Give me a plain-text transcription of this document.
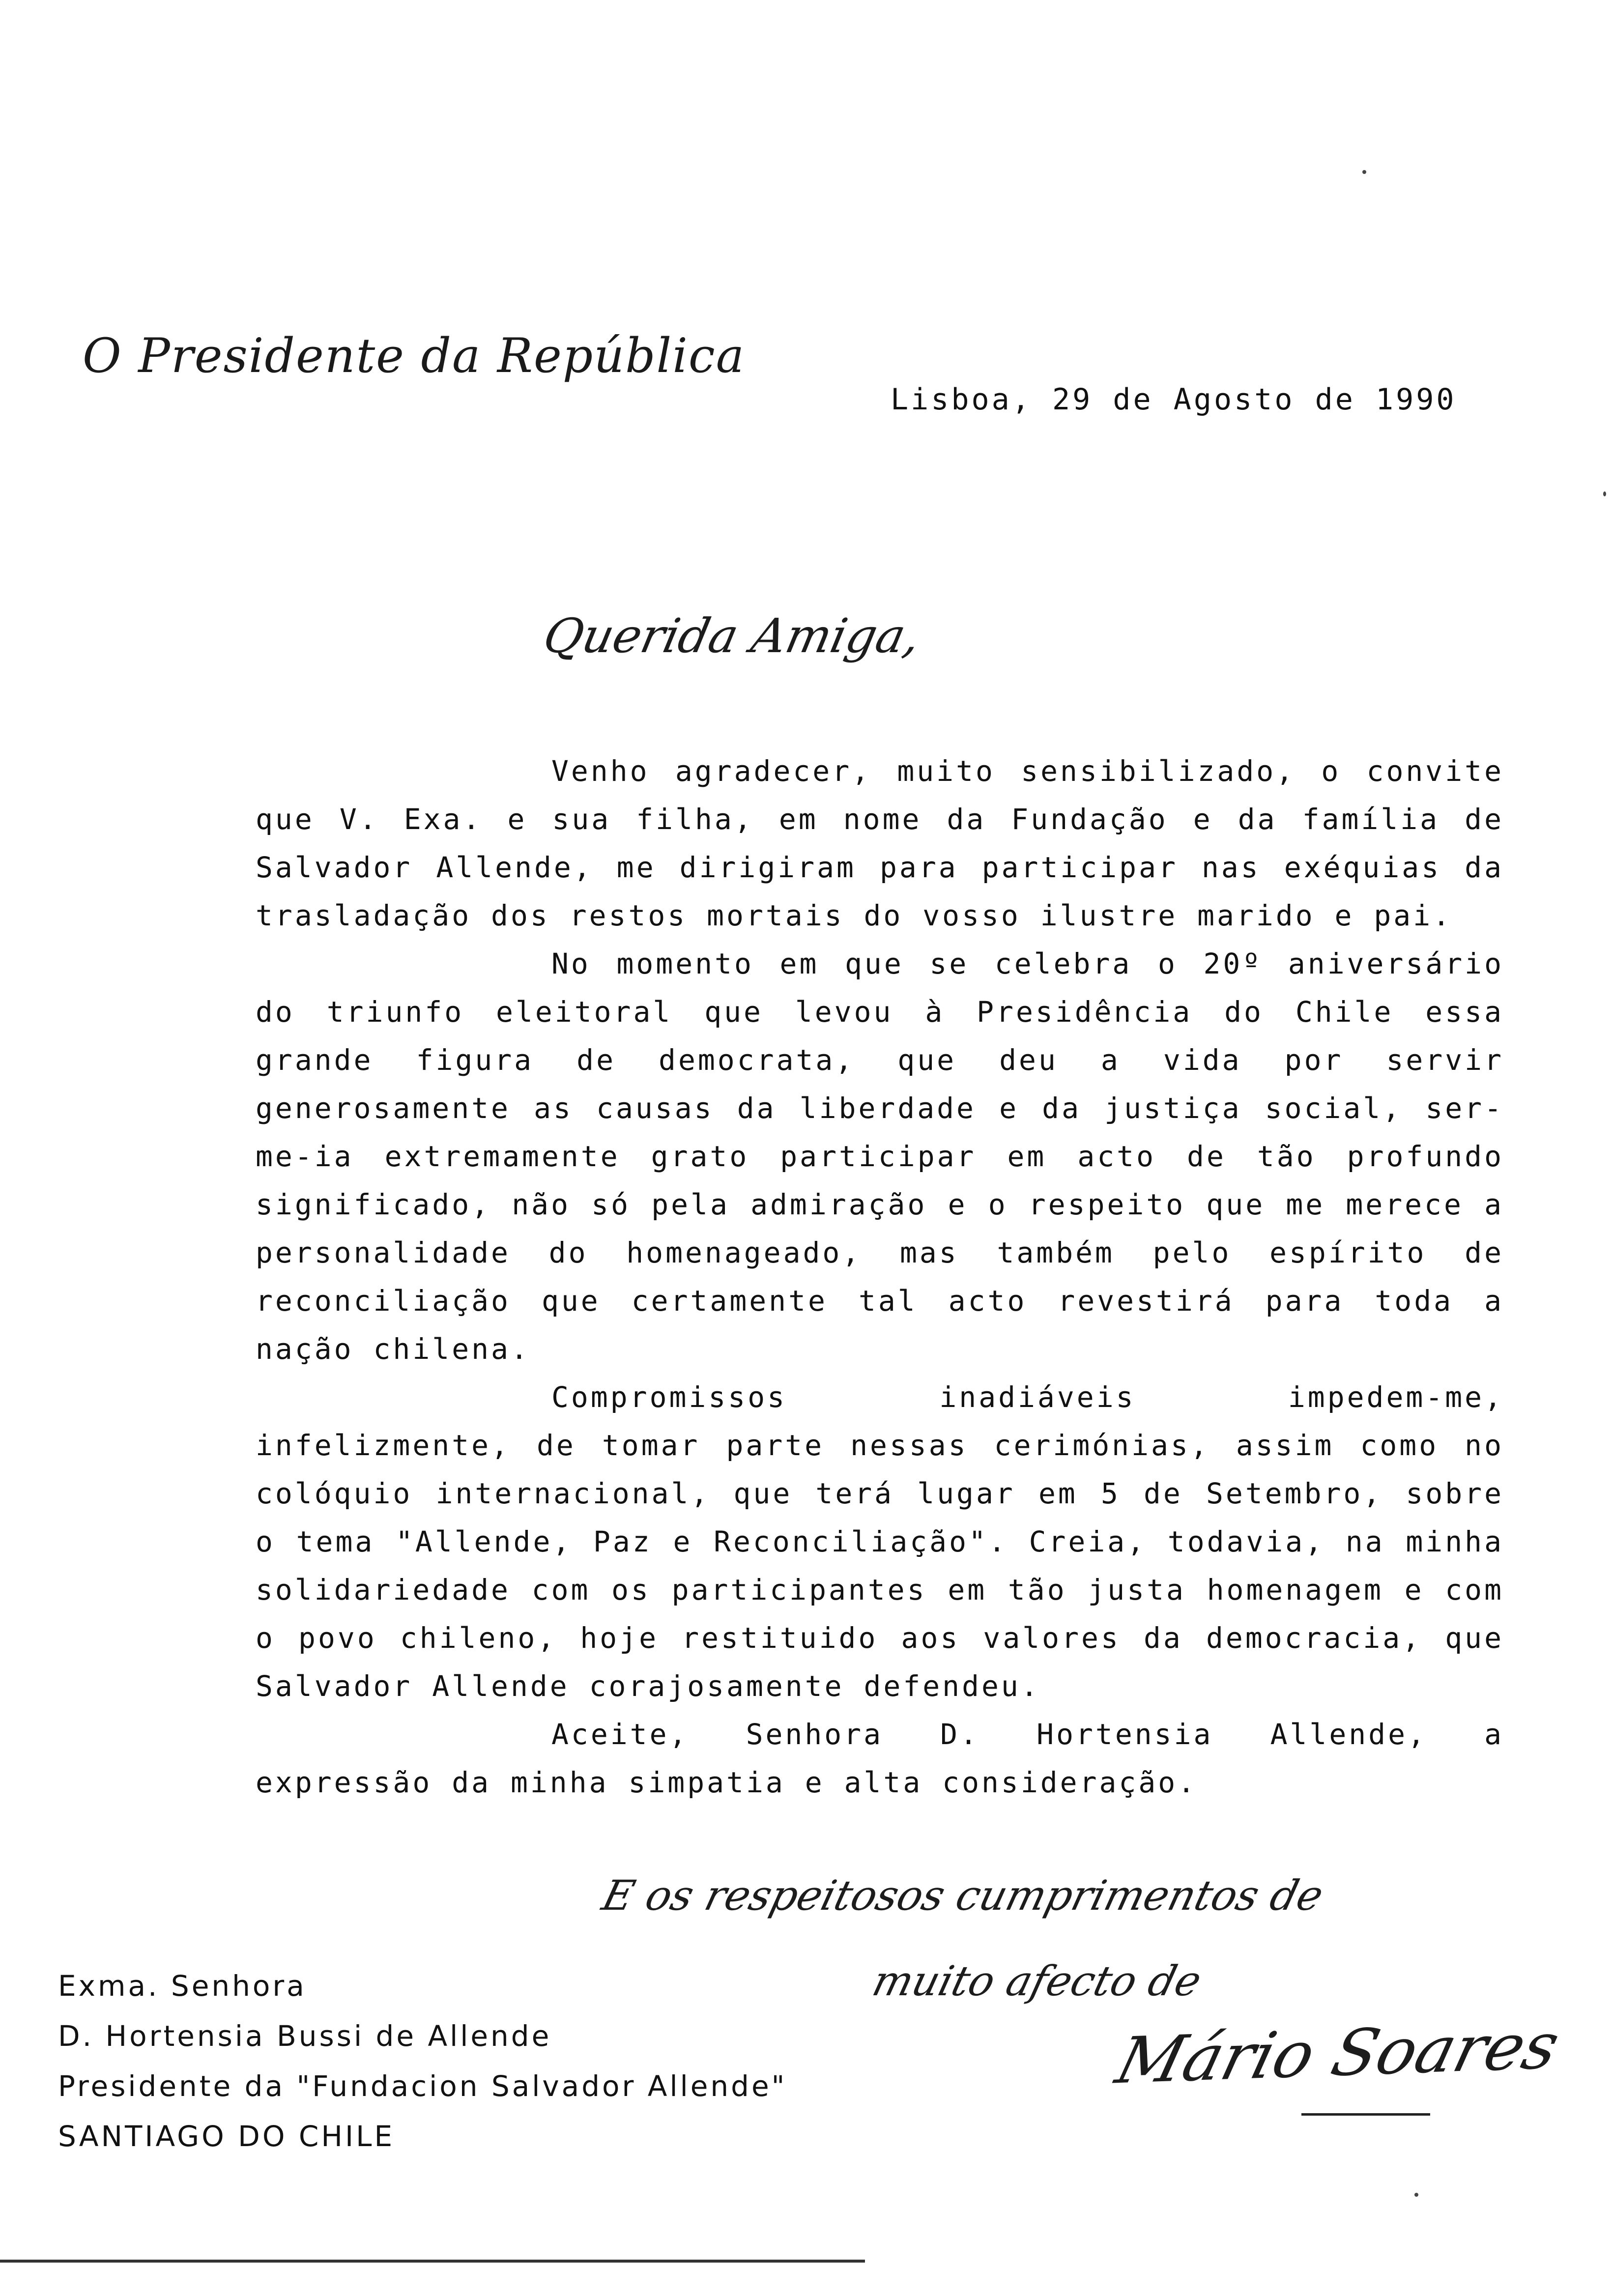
O Presidente da República
Lisboa, 29 de Agosto de 1990
Querida Amiga,

Venho agradecer, muito sensibilizado, o convite que V. Exa. e sua filha, em nome da Fundação e da família de Salvador Allende, me dirigiram para participar nas exéquias da trasladação dos restos mortais do vosso ilustre marido e pai.

No momento em que se celebra o 20º aniversário do triunfo eleitoral que levou à Presidência do Chile essa grande figura de democrata, que deu a vida por servir generosamente as causas da liberdade e da justiça social, ser-me-ia extremamente grato participar em acto de tão profundo significado, não só pela admiração e o respeito que me merece a personalidade do homenageado, mas também pelo espírito de reconciliação que certamente tal acto revestirá para toda a nação chilena.

Compromissos inadiáveis impedem-me, infelizmente, de tomar parte nessas cerimónias, assim como no colóquio internacional, que terá lugar em 5 de Setembro, sobre o tema "Allende, Paz e Reconciliação". Creia, todavia, na minha solidariedade com os participantes em tão justa homenagem e com o povo chileno, hoje restituido aos valores da democracia, que Salvador Allende corajosamente defendeu.

Aceite, Senhora D. Hortensia Allende, a expressão da minha simpatia e alta consideração.

E os respeitosos cumprimentos de
muito afecto de
Mário Soares
Exma. Senhora
D. Hortensia Bussi de Allende
Presidente da "Fundacion Salvador Allende"
SANTIAGO DO CHILE
